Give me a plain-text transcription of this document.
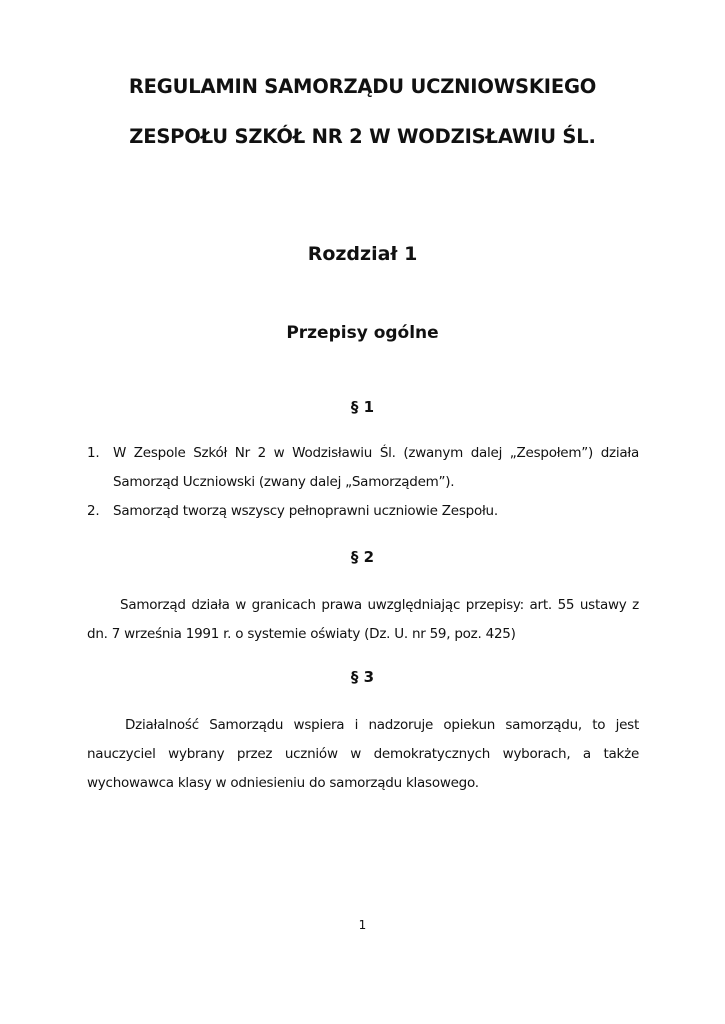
REGULAMIN SAMORZĄDU UCZNIOWSKIEGO
ZESPOŁU SZKÓŁ NR 2 W WODZISŁAWIU ŚL.
Rozdział 1
Przepisy ogólne
§ 1
1. W Zespole Szkół Nr 2 w Wodzisławiu Śl. (zwanym dalej „Zespołem”) działa Samorząd Uczniowski (zwany dalej „Samorządem”).
2. Samorząd tworzą wszyscy pełnoprawni uczniowie Zespołu.
§ 2
Samorząd działa w granicach prawa uwzględniając przepisy: art. 55 ustawy z dn. 7 września 1991 r. o systemie oświaty (Dz. U. nr 59, poz. 425)
§ 3
Działalność Samorządu wspiera i nadzoruje opiekun samorządu, to jest nauczyciel wybrany przez uczniów w demokratycznych wyborach, a także wychowawca klasy w odniesieniu do samorządu klasowego.
1
